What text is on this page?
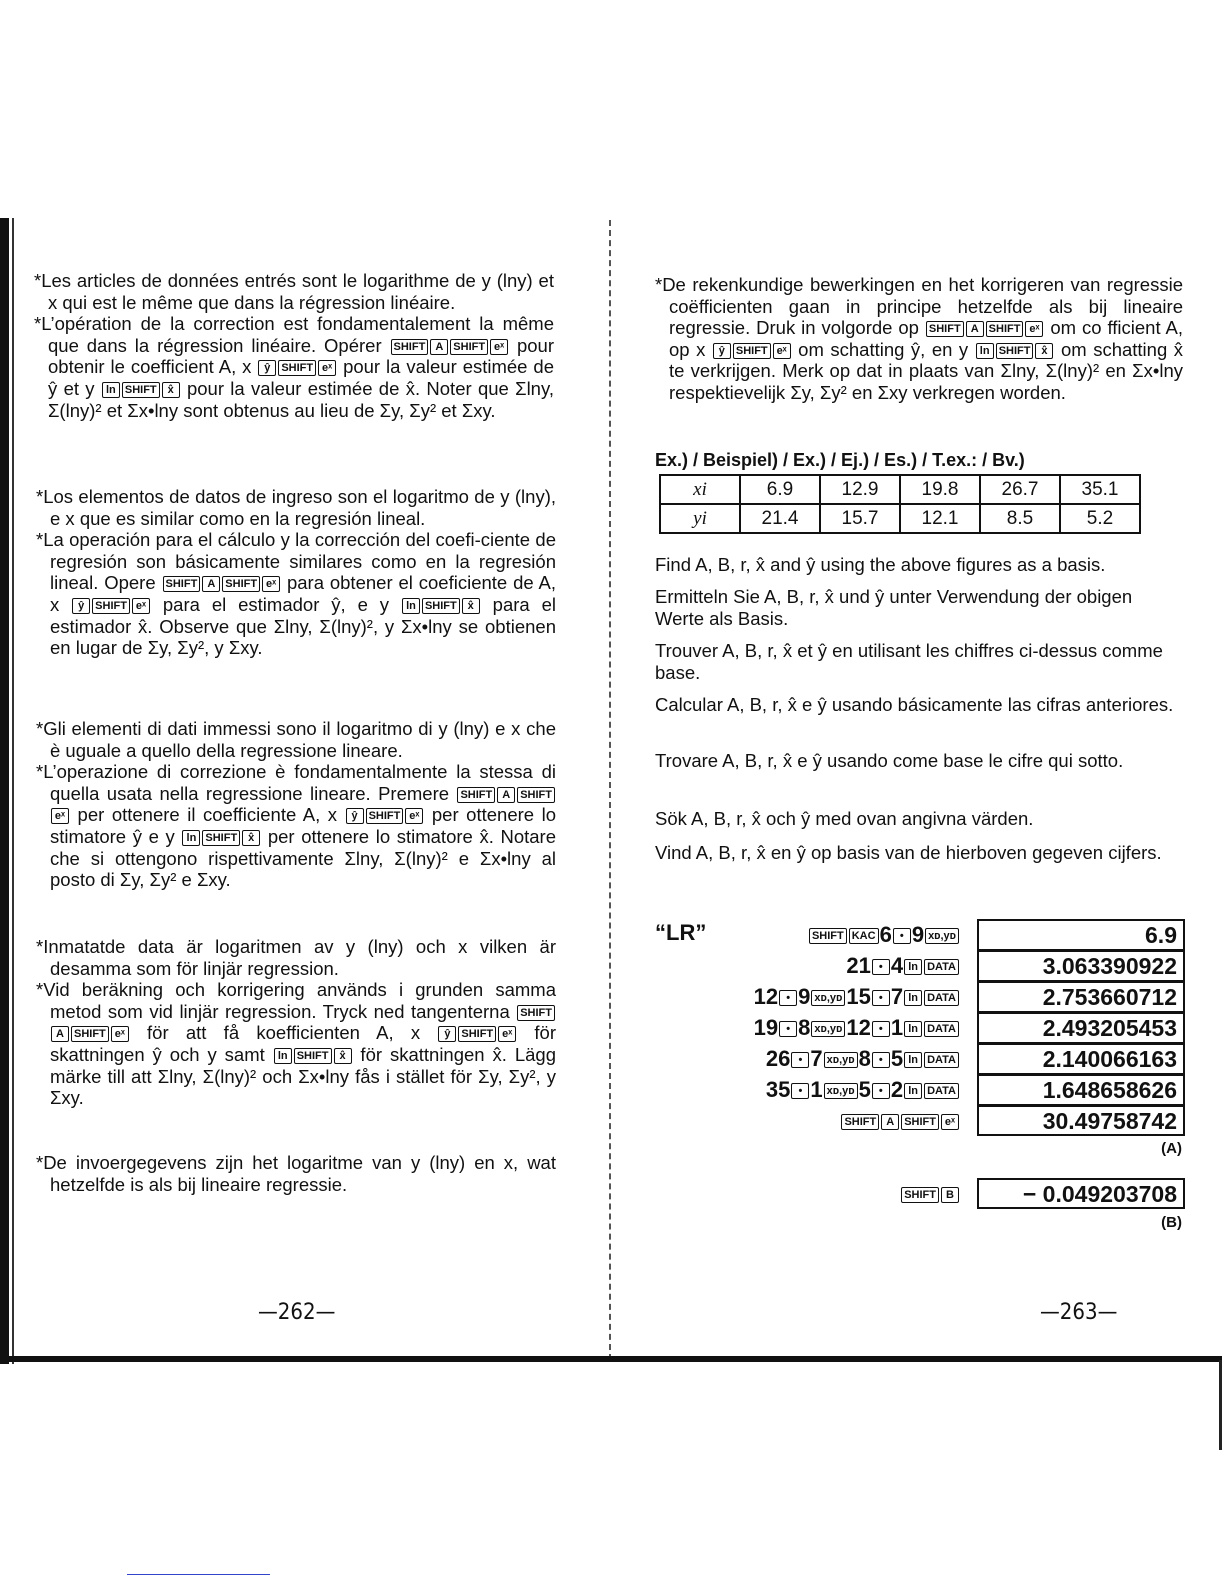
*Les articles de données entrés sont le logarithme de y (lny) et x qui est le même que dans la régression linéaire.

*L’opération de la correction est fondamentalement la même que dans la régression linéaire. Opérer SHIFT A SHIFT eˣ pour obtenir le coefficient A, x ŷ SHIFT eˣ pour la valeur estimée de ŷ et y ln SHIFT x̂ pour la valeur estimée de x̂. Noter que Σlny, Σ(lny)² et Σx•lny sont obtenus au lieu de Σy, Σy² et Σxy.

*Los elementos de datos de ingreso son el logaritmo de y (lny), e x que es similar como en la regresión lineal.

*La operación para el cálculo y la corrección del coefi-ciente de regresión son básicamente similares como en la regresión lineal. Opere SHIFT A SHIFT eˣ para obtener el coeficiente de A, x ŷ SHIFT eˣ para el estimador ŷ, e y ln SHIFT x̂ para el estimador x̂. Observe que Σlny, Σ(lny)², y Σx•lny se obtienen en lugar de Σy, Σy², y Σxy.

*Gli elementi di dati immessi sono il logaritmo di y (lny) e x che è uguale a quello della regressione lineare.

*L’operazione di correzione è fondamentalmente la stessa di quella usata nella regressione lineare. Premere SHIFT A SHIFTeˣ per ottenere il coefficiente A, x ŷ SHIFT eˣ per ottenere lo stimatore ŷ e y ln SHIFT x̂ per ottenere lo stimatore x̂. Notare che si ottengono rispettivamente Σlny, Σ(lny)² e Σx•lny al posto di Σy, Σy² e Σxy.

*Inmatatde data är logaritmen av y (lny) och x vilken är desamma som för linjär regression.

*Vid beräkning och korrigering används i grunden samma metod som vid linjär regression. Tryck ned tangenterna SHIFTA SHIFT eˣ för att få koefficienten A, x ŷ SHIFT eˣ för skattningen ŷ och y samt ln SHIFT x̂ för skattningen x̂. Lägg märke till att Σlny, Σ(lny)² och Σx•lny fås i stället för Σy, Σy², y Σxy.

*De invoergegevens zijn het logaritme van y (lny) en x, wat hetzelfde is als bij lineaire regressie.

—262—

*De rekenkundige bewerkingen en het korrigeren van regressie coëfficienten gaan in principe hetzelfde als bij lineaire regressie. Druk in volgorde op SHIFT A SHIFT eˣ om co fficient A, op x ŷ SHIFT eˣ om schatting ŷ, en y ln SHIFT x̂ om schatting x̂ te verkrijgen. Merk op dat in plaats van Σlny, Σ(lny)² en Σx•lny respektievelijk Σy, Σy² en Σxy verkregen worden.

Ex.) / Beispiel) / Ex.) / Ej.) / Es.) / T.ex.: / Bv.)
xi	6.9	12.9	19.8	26.7	35.1
yi	21.4	15.7	12.1	8.5	5.2

Find A, B, r, x̂ and ŷ using the above figures as a basis.

Ermitteln Sie A, B, r, x̂ und ŷ unter Verwendung der obigen Werte als Basis.

Trouver A, B, r, x̂ et ŷ en utilisant les chiffres ci-dessus comme base.

Calcular A, B, r, x̂ e ŷ usando básicamente las cifras anteriores.

Trovare A, B, r, x̂ e ŷ usando come base le cifre qui sotto.

Sök A, B, r, x̂ och ŷ med ovan angivna värden.

Vind A, B, r, x̂ en ŷ op basis van de hierboven gegeven cijfers.

“LR”	SHIFT KAC 6 • 9 xᴅ,yᴅ	6.9
21 • 4 ln DATA	3.063390922
12 • 9 xᴅ,yᴅ 15 • 7 ln DATA	2.753660712
19 • 8 xᴅ,yᴅ 12 • 1 ln DATA	2.493205453
26 • 7 xᴅ,yᴅ 8 • 5 ln DATA	2.140066163
35 • 1 xᴅ,yᴅ 5 • 2 ln DATA	1.648658626
SHIFT A SHIFT eˣ	30.49758742
(A)
SHIFT B	− 0.049203708
(B)
—263—
